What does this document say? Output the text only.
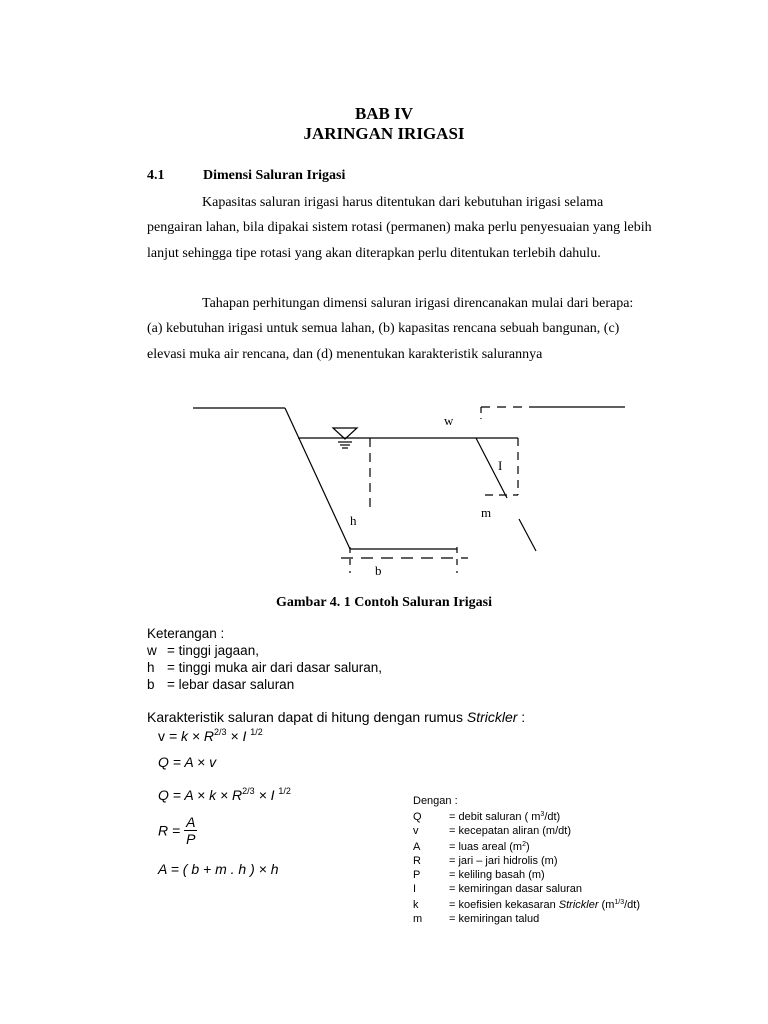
BAB IV
JARINGAN IRIGASI
4.1	Dimensi Saluran Irigasi
Kapasitas saluran irigasi harus ditentukan dari kebutuhan irigasi selama pengairan lahan, bila dipakai sistem rotasi (permanen) maka perlu penyesuaian yang lebih lanjut sehingga tipe rotasi yang akan diterapkan perlu ditentukan terlebih dahulu.
Tahapan perhitungan dimensi saluran irigasi direncanakan mulai dari berapa: (a) kebutuhan irigasi untuk semua lahan, (b) kapasitas rencana sebuah bangunan, (c) elevasi muka air rencana, dan (d) menentukan karakteristik salurannya
w
I
h
m
b
Gambar 4. 1 Contoh Saluran Irigasi
Keterangan :
w = tinggi jagaan,
h = tinggi muka air dari dasar saluran,
b = lebar dasar saluran
Karakteristik saluran dapat di hitung dengan rumus Strickler :
$v = k \times R^{2/3} \times I$ $^{1/2}$
Q = A × v
$Q = A \times k \times R^{2/3} \times I$ $^{1/2}$
$R = \frac{A}{P}$
A = ( b + m . h ) × h
Dengan :
Q = debit saluran ( $m^3/dt$)
v	= kecepatan aliran (m/dt)
A	= luas areal $(m^2)$
R	= jari – jari hidrolis (m)
P	= keliling basah (m)
I	= kemiringan dasar saluran
k	= koefisien kekasaran Strickler $(m^{1/3}/dt)$
m = kemiringan talud
